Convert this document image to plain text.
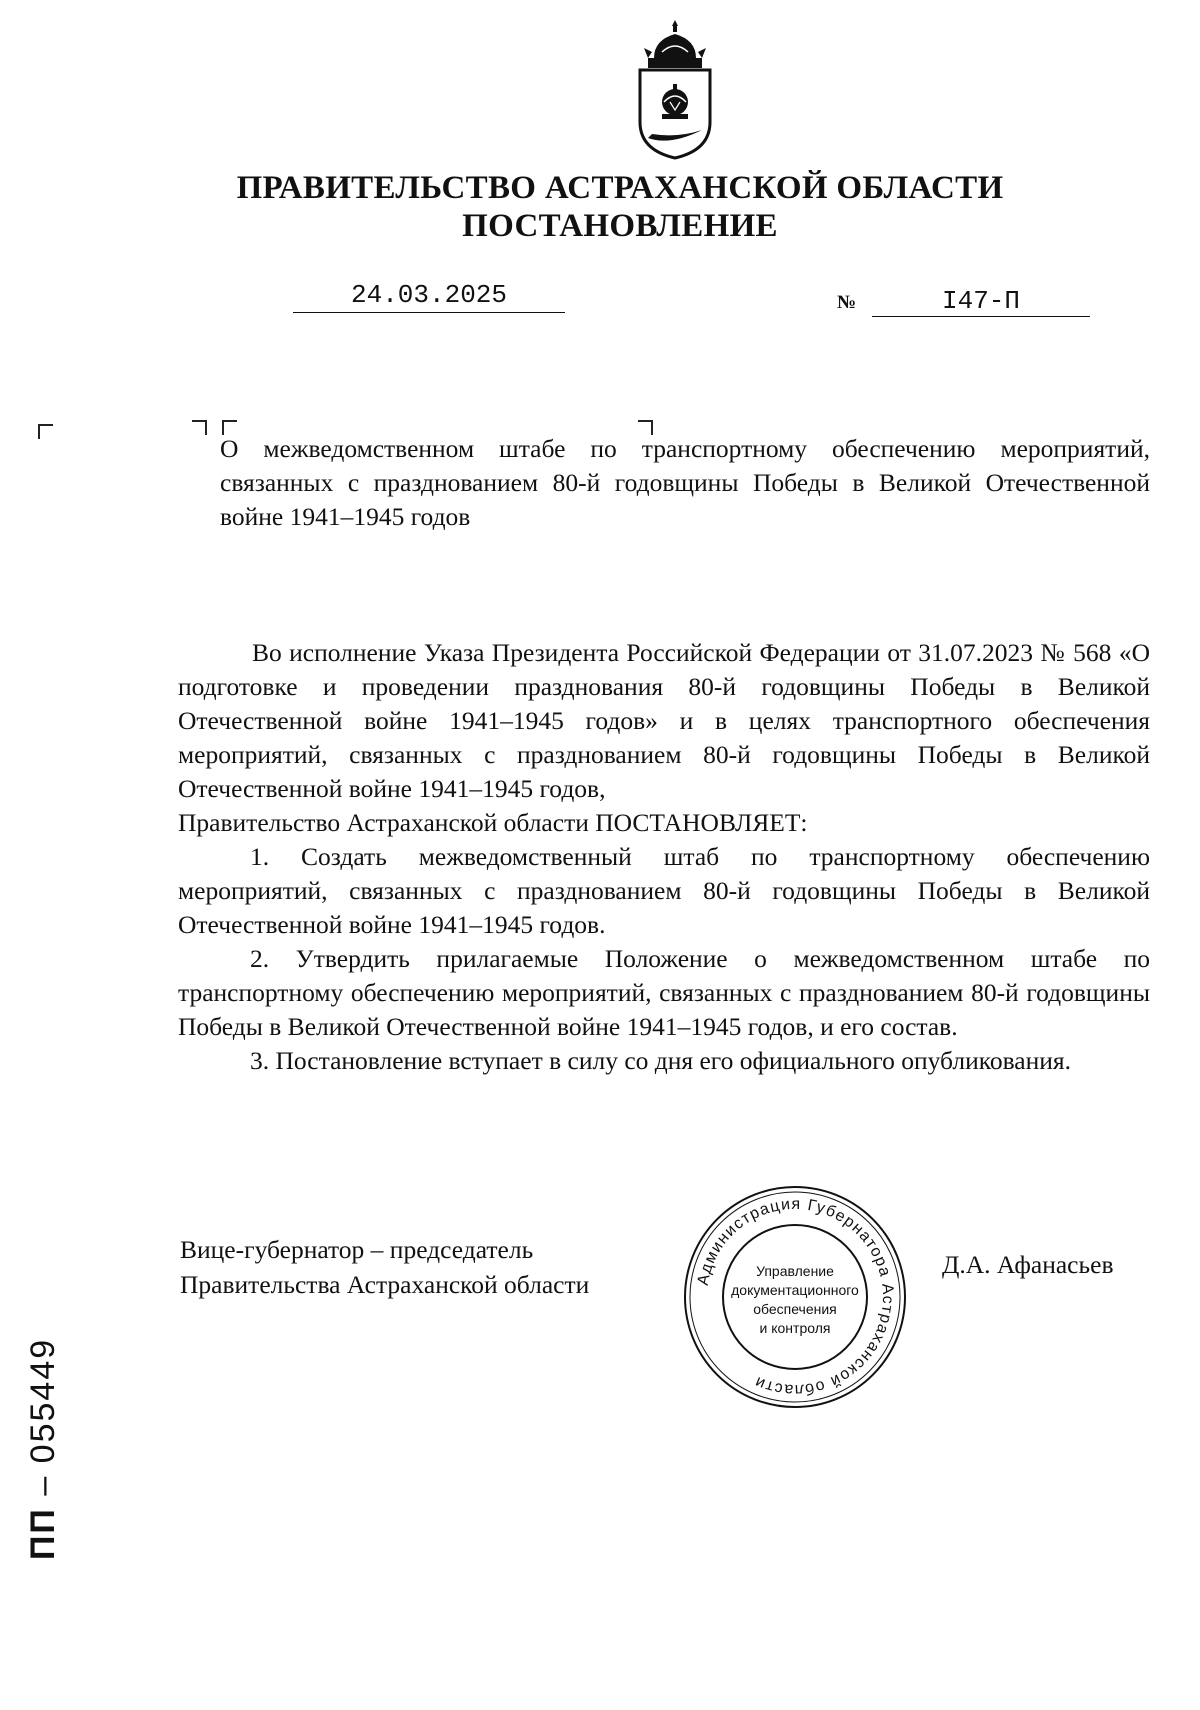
ПРАВИТЕЛЬСТВО АСТРАХАНСКОЙ ОБЛАСТИ
ПОСТАНОВЛЕНИЕ
24.03.2025	№	I47-П
О межведомственном штабе по транспортному обеспечению мероприятий, связанных с празднованием 80-й годовщины Победы в Великой Отечественной войне 1941–1945 годов

Во исполнение Указа Президента Российской Федерации от 31.07.2023 № 568 «О подготовке и проведении празднования 80-й годовщины Победы в Великой Отечественной войне 1941–1945 годов» и в целях транспортного обеспечения мероприятий, связанных с празднованием 80-й годовщины Победы в Великой Отечественной войне 1941–1945 годов,

Правительство Астраханской области ПОСТАНОВЛЯЕТ:

1. Создать межведомственный штаб по транспортному обеспечению мероприятий, связанных с празднованием 80-й годовщины Победы в Великой Отечественной войне 1941–1945 годов.

2. Утвердить прилагаемые Положение о межведомственном штабе по транспортному обеспечению мероприятий, связанных с празднованием 80-й годовщины Победы в Великой Отечественной войне 1941–1945 годов, и его состав.

3. Постановление вступает в силу со дня его официального опубликования.

Вице-губернатор – председатель
Правительства Астраханской области
Д.А. Афанасьев
Администрация Губернатора Астраханской области
Управление
документационного
обеспечения
и контроля
ПП – 055449
